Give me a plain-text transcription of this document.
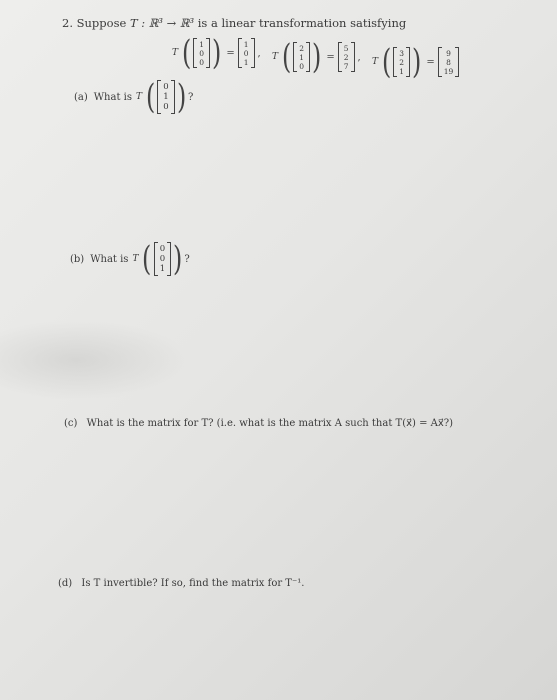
2. Suppose T : ℝ³ → ℝ³ is a linear transformation satisfying
T ( 1
0
0 ) =
1
0
1
, T ( 2
1
0 ) =
5
2
7
, T ( 3
2
1 ) =
9
8
19
(a) What is T ( 0
1
0 ) ?
(b) What is T ( 0
0
1 ) ?
(c) What is the matrix for T? (i.e. what is the matrix A such that T(x⃗) = Ax⃗?)
(d) Is T invertible? If so, find the matrix for T⁻¹.
